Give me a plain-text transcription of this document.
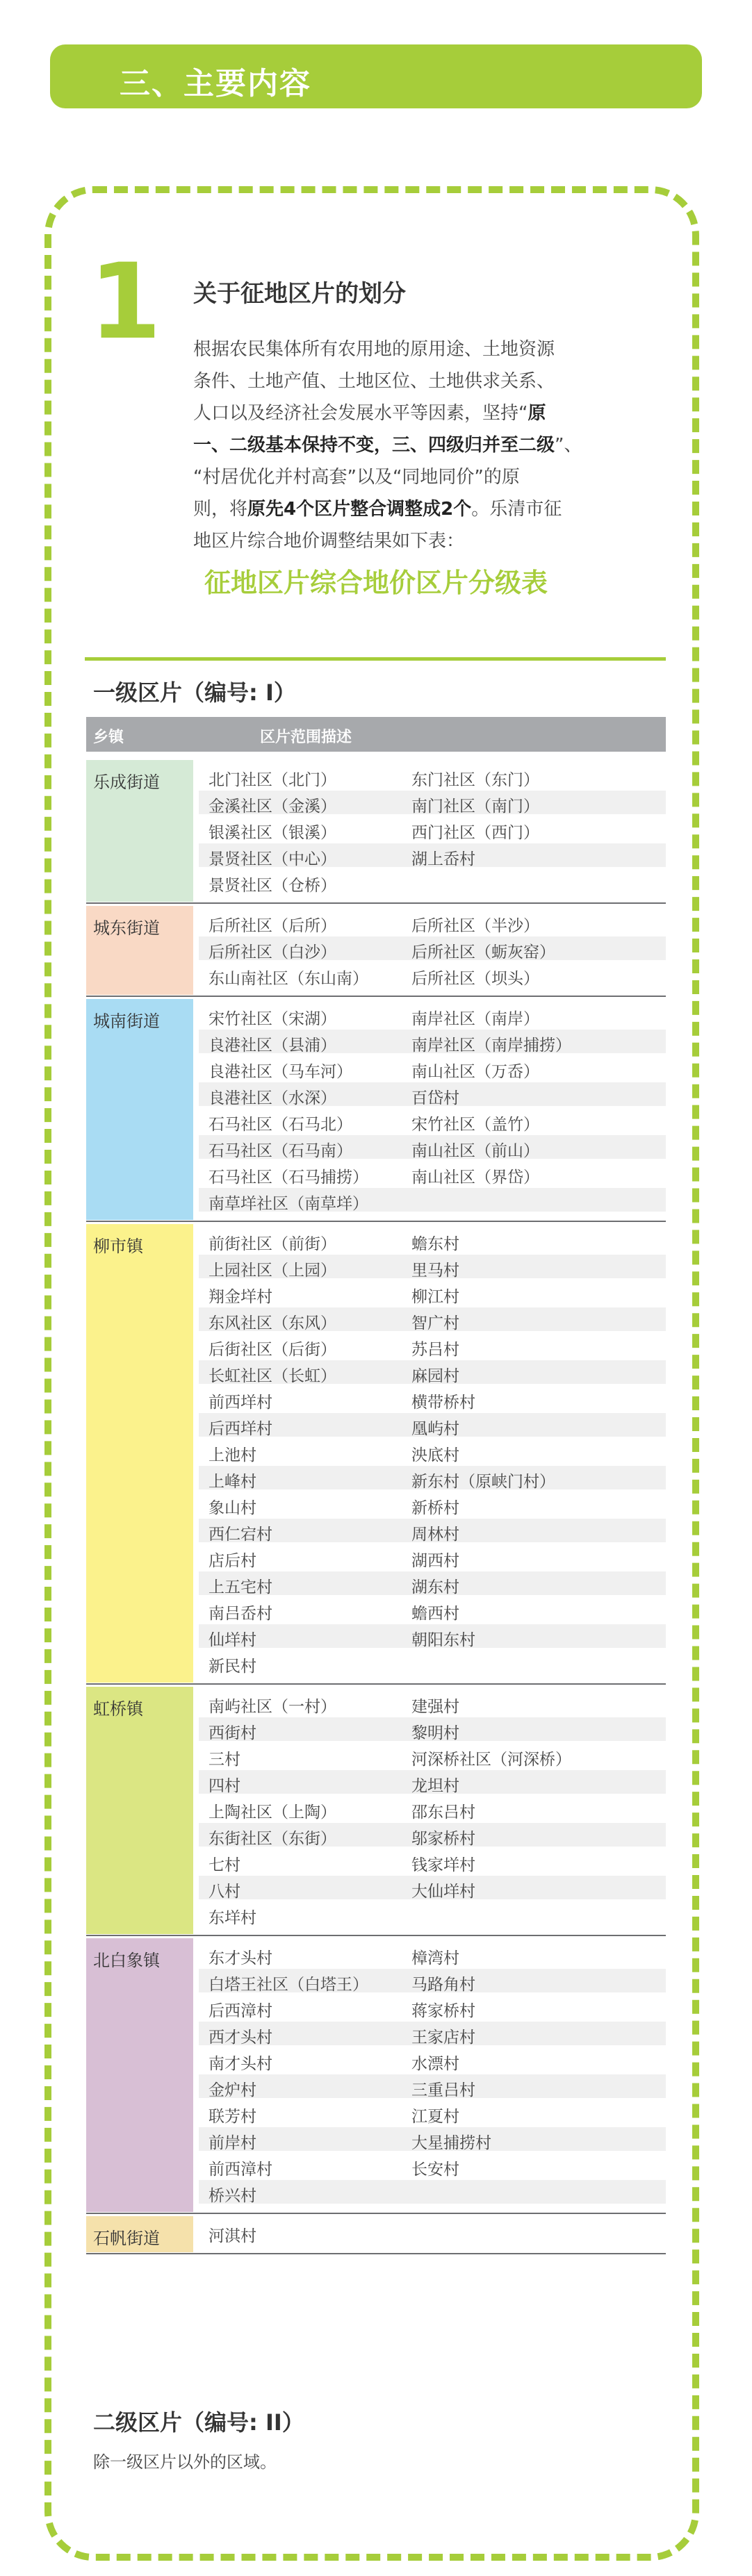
三、主要内容
1 关于征地区片的划分

根据农民集体所有农用地的原用途、土地资源

条件、土地产值、土地区位、土地供求关系、

人口以及经济社会发展水平等因素，坚持“原

一、二级基本保持不变，三、四级归并至二级”、

“村居优化并村高套”以及“同地同价”的原

则，将原先4个区片整合调整成2个。乐清市征

地区片综合地价调整结果如下表：

征地区片综合地价区片分级表
一级区片（编号: I）
乡镇	区片范围描述
乐成街道	北门社区（北门）	东门社区（东门）
金溪社区（金溪）	南门社区（南门）
银溪社区（银溪）	西门社区（西门）
景贤社区（中心）	湖上岙村
景贤社区（仓桥）
城东街道	后所社区（后所）	后所社区（半沙）
后所社区（白沙）	后所社区（蛎灰窑）
东山南社区（东山南）	后所社区（坝头）
城南街道	宋竹社区（宋湖）	南岸社区（南岸）
良港社区（县浦）	南岸社区（南岸捕捞）
良港社区（马车河）	南山社区（万岙）
良港社区（水深）	百岱村
石马社区（石马北）	宋竹社区（盖竹）
石马社区（石马南）	南山社区（前山）
石马社区（石马捕捞）	南山社区（界岱）
南草垟社区（南草垟）
柳市镇	前街社区（前街）	蟾东村
上园社区（上园）	里马村
翔金垟村	柳江村
东风社区（东风）	智广村
后街社区（后街）	苏吕村
长虹社区（长虹）	麻园村
前西垟村	横带桥村
后西垟村	凰屿村
上池村	泱底村
上峰村	新东村（原峡门村）
象山村	新桥村
西仁宕村	周林村
店后村	湖西村
上五宅村	湖东村
南吕岙村	蟾西村
仙垟村	朝阳东村
新民村
虹桥镇	南屿社区（一村）	建强村
西街村	黎明村
三村	河深桥社区（河深桥）
四村	龙坦村
上陶社区（上陶）	邵东吕村
东街社区（东街）	邬家桥村
七村	钱家垟村
八村	大仙垟村
东垟村
北白象镇	东才头村	樟湾村
白塔王社区（白塔王）	马路角村
后西漳村	蒋家桥村
西才头村	王家店村
南才头村	水漂村
金炉村	三重吕村
联芳村	江夏村
前岸村	大星捕捞村
前西漳村	长安村
桥兴村
石帆街道	河淇村
二级区片（编号: II）
除一级区片以外的区域。
